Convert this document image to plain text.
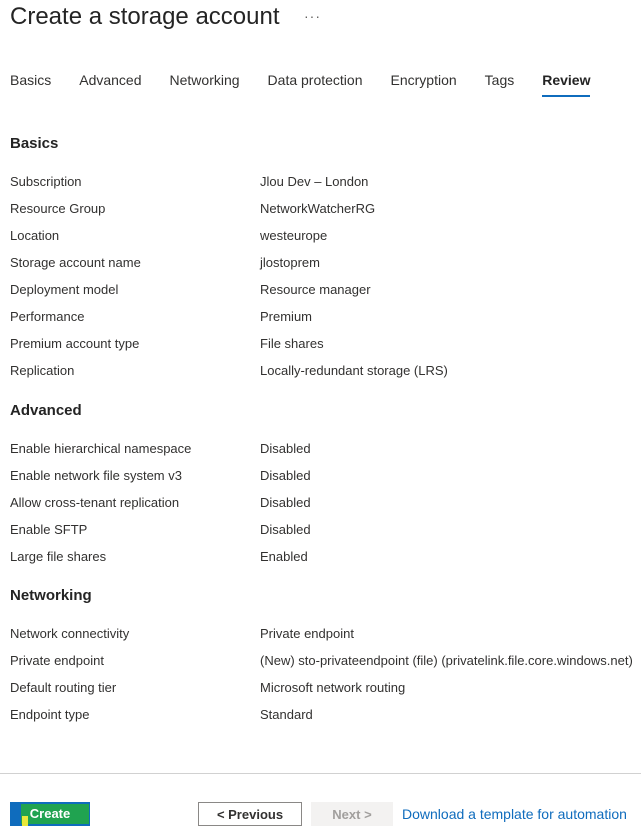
Create a storage account ···
Basics Advanced Networking Data protection Encryption Tags Review
Basics
Subscription	Jlou Dev – London
Resource Group	NetworkWatcherRG
Location	westeurope
Storage account name	jlostoprem
Deployment model	Resource manager
Performance	Premium
Premium account type	File shares
Replication	Locally-redundant storage (LRS)
Advanced
Enable hierarchical namespace	Disabled
Enable network file system v3	Disabled
Allow cross-tenant replication	Disabled
Enable SFTP	Disabled
Large file shares	Enabled
Networking
Network connectivity	Private endpoint
Private endpoint	(New) sto-privateendpoint (file) (privatelink.file.core.windows.net)
Default routing tier	Microsoft network routing
Endpoint type	Standard
Create	< Previous	Next >	Download a template for automation
